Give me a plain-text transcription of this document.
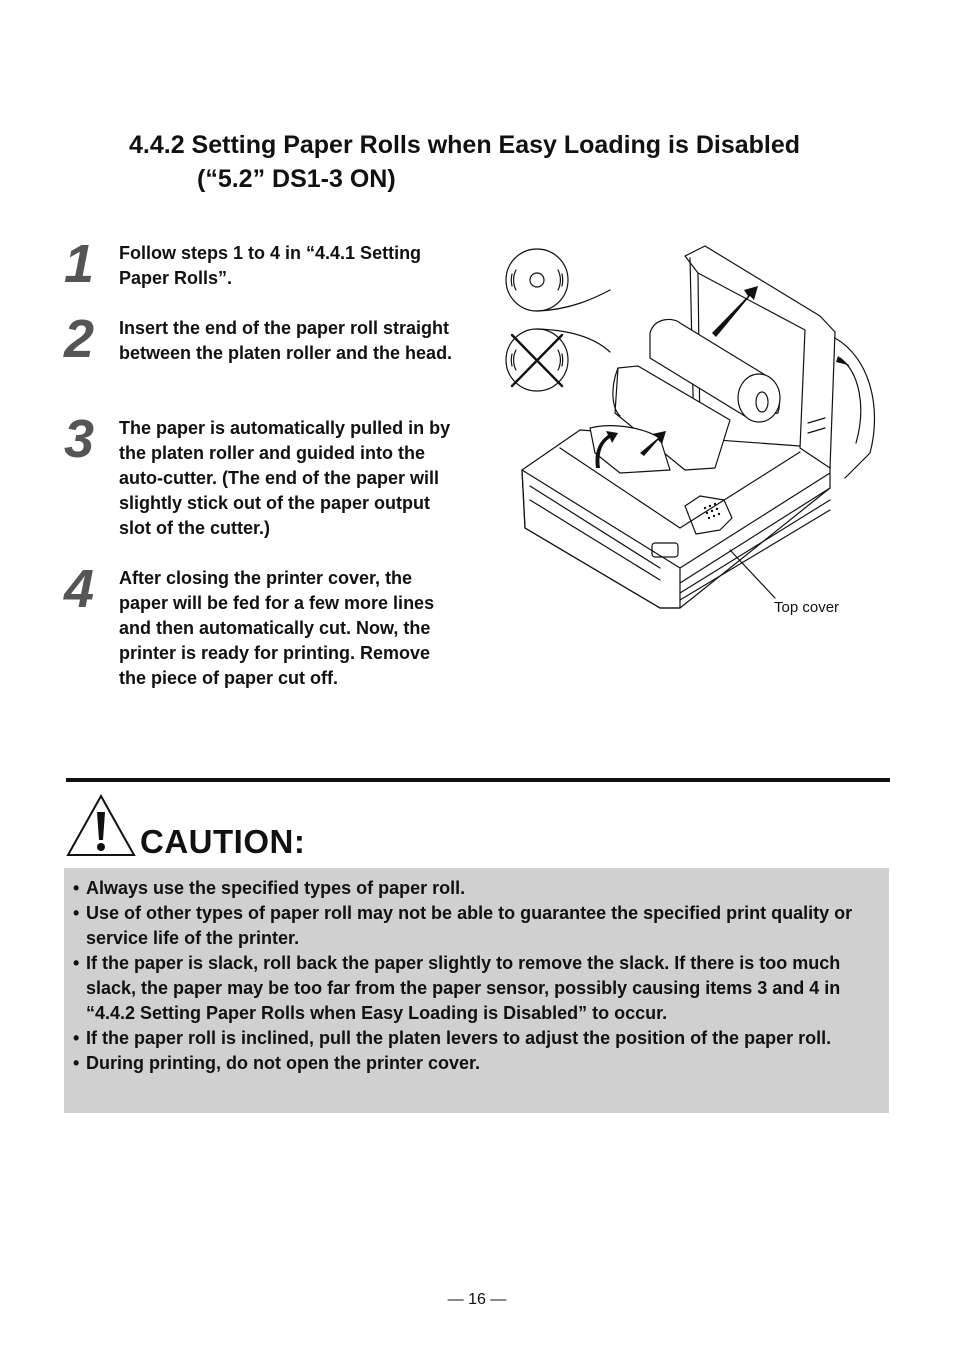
4.4.2 Setting Paper Rolls when Easy Loading is Disabled
(“5.2” DS1-3 ON)
1 Follow steps 1 to 4 in “4.4.1 Setting Paper Rolls”.
2 Insert the end of the paper roll straight between the platen roller and the head.
3 The paper is automatically pulled in by the platen roller and guided into the auto-cutter. (The end of the paper will slightly stick out of the paper output slot of the cutter.)
4 After closing the printer cover, the paper will be fed for a few more lines and then automatically cut. Now, the printer is ready for printing. Remove the piece of paper cut off.
Top cover
CAUTION:
• Always use the specified types of paper roll.
• Use of other types of paper roll may not be able to guarantee the specified print quality or service life of the printer.
• If the paper is slack, roll back the paper slightly to remove the slack. If there is too much slack, the paper may be too far from the paper sensor, possibly causing items 3 and 4 in “4.4.2 Setting Paper Rolls when Easy Loading is Disabled” to occur.
• If the paper roll is inclined, pull the platen levers to adjust the position of the paper roll.
• During printing, do not open the printer cover.
— 16 —
